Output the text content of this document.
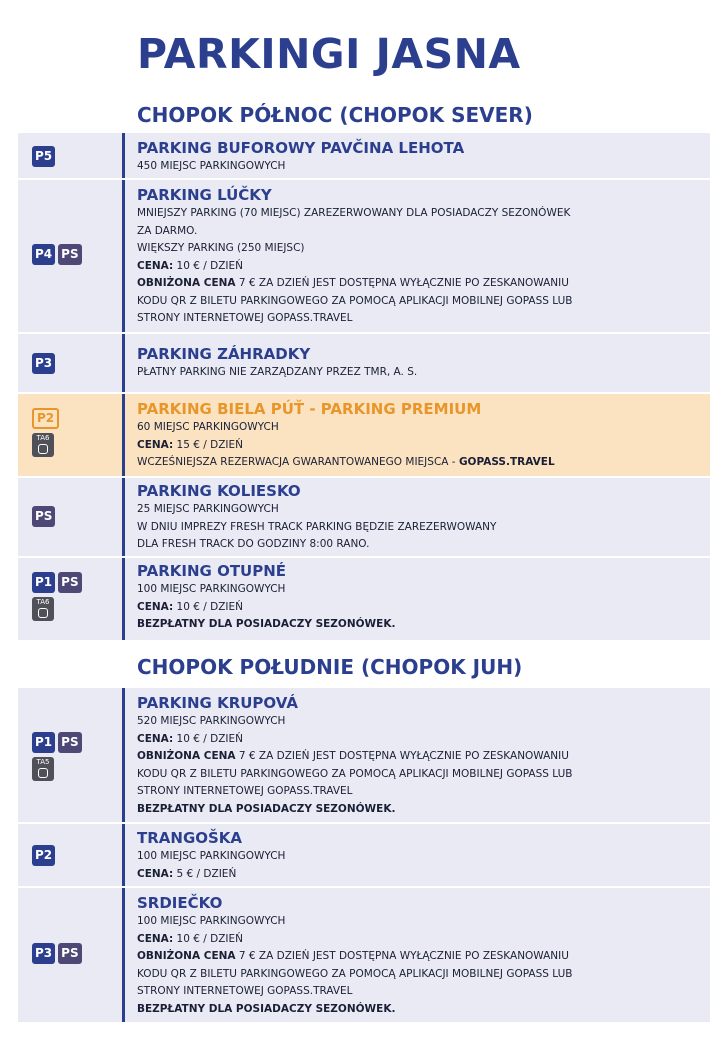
PARKINGI JASNA
CHOPOK PÓŁNOC (CHOPOK SEVER)
P5	PARKING BUFOROWY PAVČINA LEHOTA

450 MIEJSC PARKINGOWYCH

P4 PS

PARKING LÚČKY

MNIEJSZY PARKING (70 MIEJSC) ZAREZERWOWANY DLA POSIADACZY SEZONÓWEK

ZA DARMO.

WIĘKSZY PARKING (250 MIEJSC)

CENA: 10 € / DZIEŃ

OBNIŻONA CENA 7 € ZA DZIEŃ JEST DOSTĘPNA WYŁĄCZNIE PO ZESKANOWANIU

KODU QR Z BILETU PARKINGOWEGO ZA POMOCĄ APLIKACJI MOBILNEJ GOPASS LUB

STRONY INTERNETOWEJ GOPASS.TRAVEL

P3	PARKING ZÁHRADKY

PŁATNY PARKING NIE ZARZĄDZANY PRZEZ TMR, A. S.

P2
TA6

PARKING BIELA PÚŤ - PARKING PREMIUM

60 MIEJSC PARKINGOWYCH

CENA: 15 € / DZIEŃ

WCZEŚNIEJSZA REZERWACJA GWARANTOWANEGO MIEJSCA - GOPASS.TRAVEL

PS

PARKING KOLIESKO

25 MIEJSC PARKINGOWYCH

W DNIU IMPREZY FRESH TRACK PARKING BĘDZIE ZAREZERWOWANY

DLA FRESH TRACK DO GODZINY 8:00 RANO.

P1 PS
TA6

PARKING OTUPNÉ

100 MIEJSC PARKINGOWYCH

CENA: 10 € / DZIEŃ

BEZPŁATNY DLA POSIADACZY SEZONÓWEK.

CHOPOK POŁUDNIE (CHOPOK JUH)
P1 PS
TA5

PARKING KRUPOVÁ

520 MIEJSC PARKINGOWYCH

CENA: 10 € / DZIEŃ

OBNIŻONA CENA 7 € ZA DZIEŃ JEST DOSTĘPNA WYŁĄCZNIE PO ZESKANOWANIU

KODU QR Z BILETU PARKINGOWEGO ZA POMOCĄ APLIKACJI MOBILNEJ GOPASS LUB

STRONY INTERNETOWEJ GOPASS.TRAVEL

BEZPŁATNY DLA POSIADACZY SEZONÓWEK.

P2

TRANGOŠKA

100 MIEJSC PARKINGOWYCH

CENA: 5 € / DZIEŃ

P3 PS

SRDIEČKO

100 MIEJSC PARKINGOWYCH

CENA: 10 € / DZIEŃ

OBNIŻONA CENA 7 € ZA DZIEŃ JEST DOSTĘPNA WYŁĄCZNIE PO ZESKANOWANIU

KODU QR Z BILETU PARKINGOWEGO ZA POMOCĄ APLIKACJI MOBILNEJ GOPASS LUB

STRONY INTERNETOWEJ GOPASS.TRAVEL

BEZPŁATNY DLA POSIADACZY SEZONÓWEK.
